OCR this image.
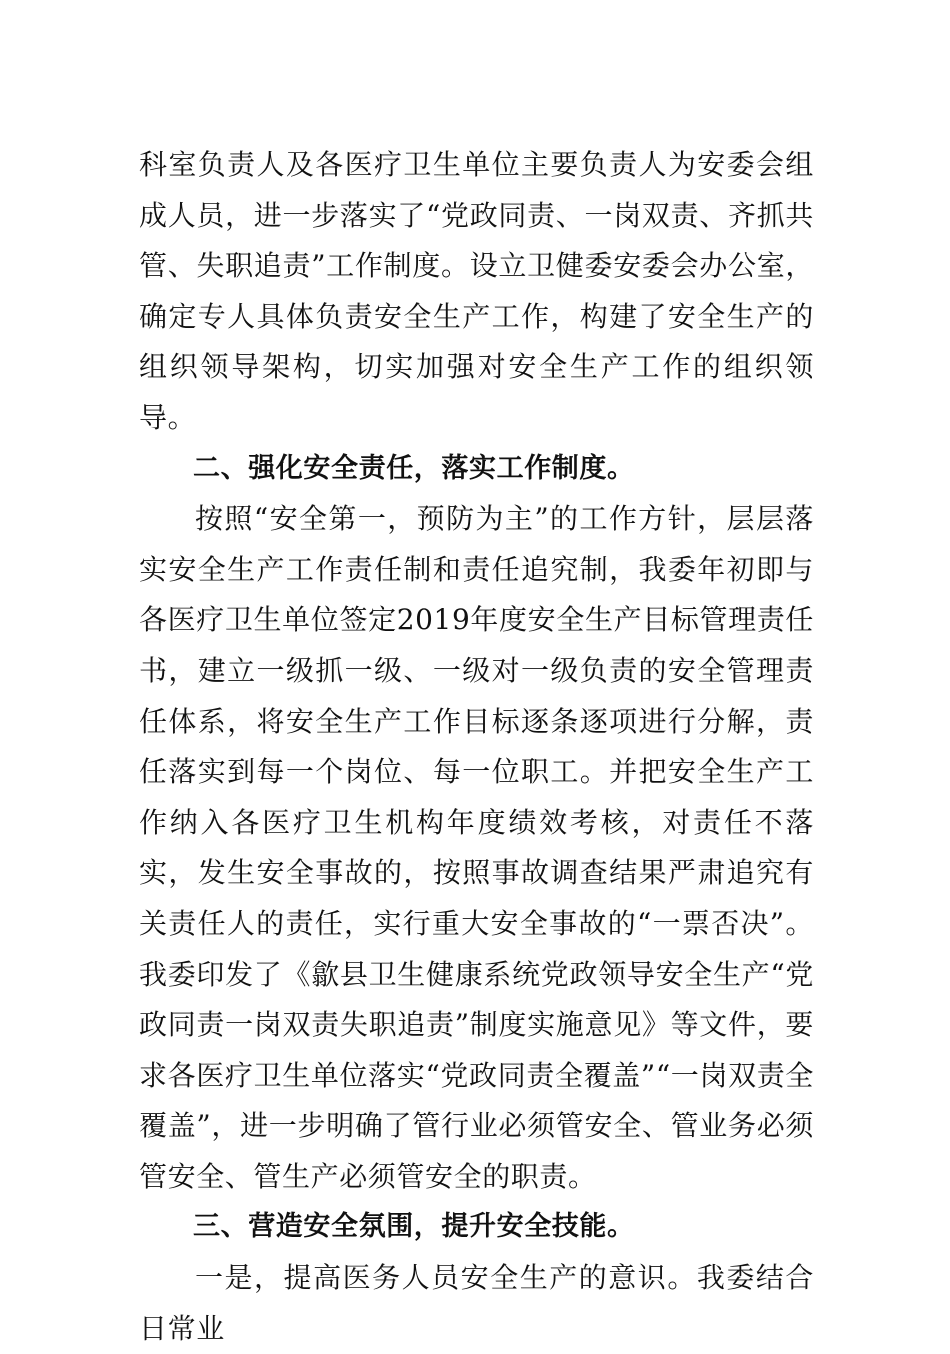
科室负责人及各医疗卫生单位主要负责人为安委会组成人员，进一步落实了“党政同责、一岗双责、齐抓共管、失职追责”工作制度。设立卫健委安委会办公室，确定专人具体负责安全生产工作，构建了安全生产的组织领导架构，切实加强对安全生产工作的组织领导。

二、强化安全责任，落实工作制度。

按照“安全第一，预防为主”的工作方针，层层落实安全生产工作责任制和责任追究制，我委年初即与各医疗卫生单位签定2019年度安全生产目标管理责任书，建立一级抓一级、一级对一级负责的安全管理责任体系，将安全生产工作目标逐条逐项进行分解，责任落实到每一个岗位、每一位职工。并把安全生产工作纳入各医疗卫生机构年度绩效考核，对责任不落实，发生安全事故的，按照事故调查结果严肃追究有关责任人的责任，实行重大安全事故的“一票否决”。我委印发了《歙县卫生健康系统党政领导安全生产“党政同责一岗双责失职追责”制度实施意见》等文件，要求各医疗卫生单位落实“党政同责全覆盖”“一岗双责全覆盖”，进一步明确了管行业必须管安全、管业务必须管安全、管生产必须管安全的职责。

三、营造安全氛围，提升安全技能。

一是，提高医务人员安全生产的意识。我委结合日常业
